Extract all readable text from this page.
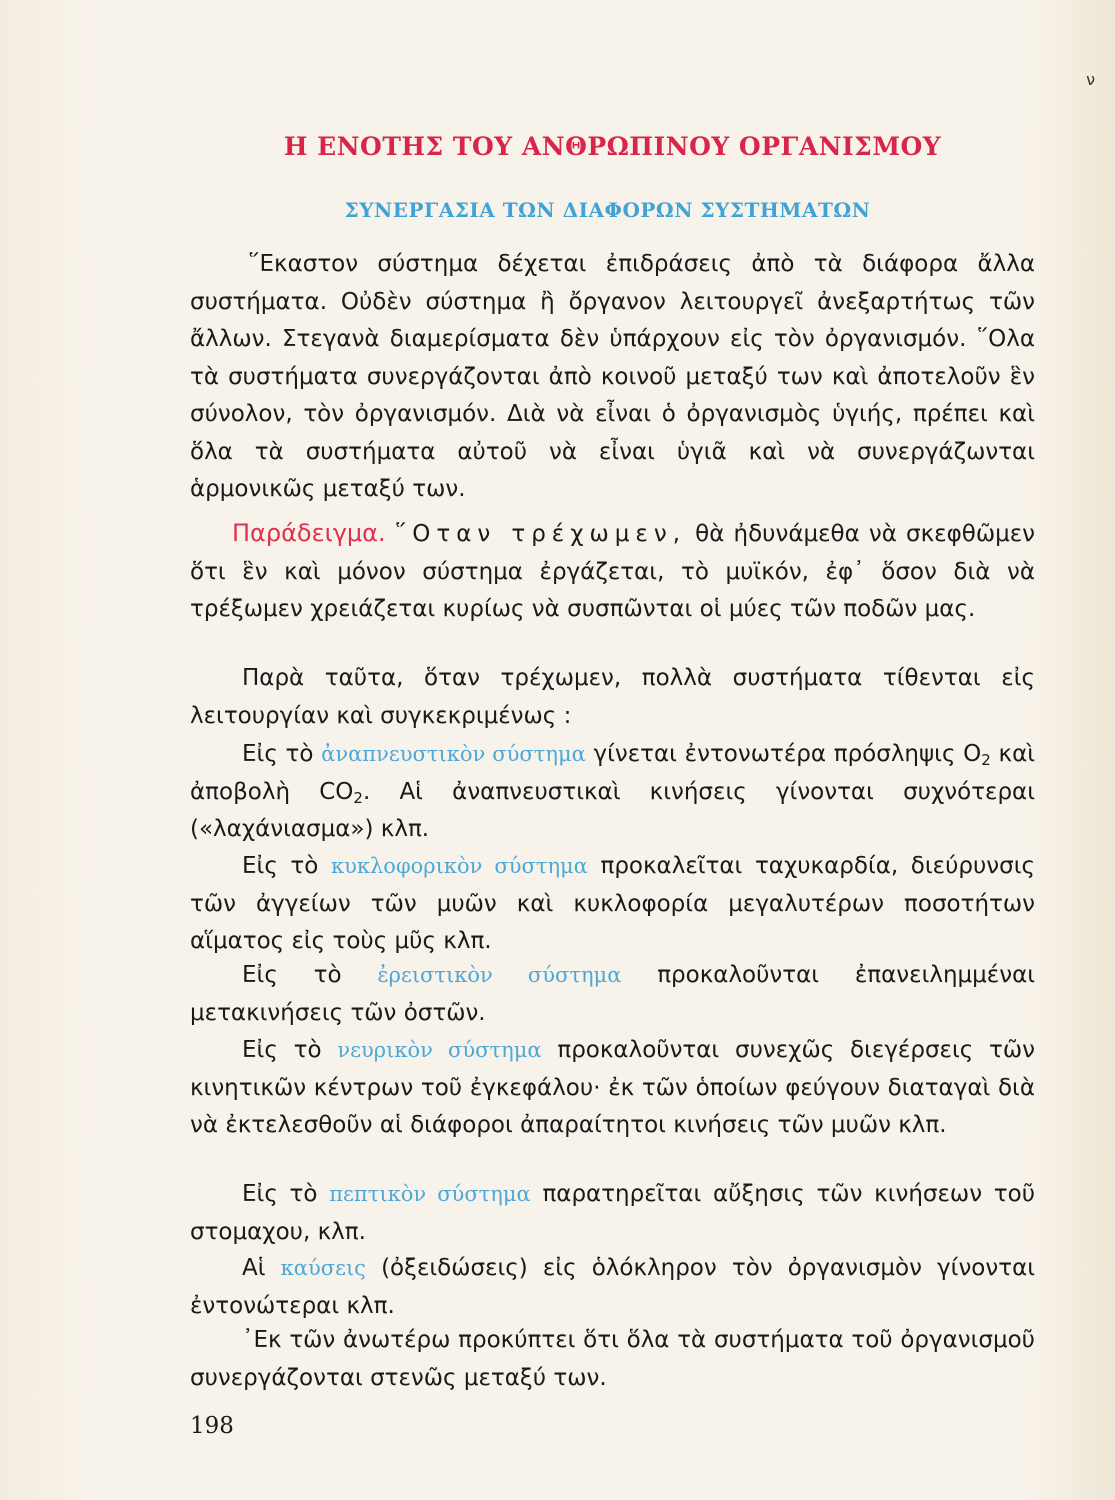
ν
Η ΕΝΟΤΗΣ ΤΟΥ ΑΝΘΡΩΠΙΝΟΥ ΟΡΓΑΝΙΣΜΟΥ
ΣΥΝΕΡΓΑΣΙΑ ΤΩΝ ΔΙΑΦΟΡΩΝ ΣΥΣΤΗΜΑΤΩΝ

῞Εκαστον σύστημα δέχεται ἐπιδράσεις ἀπὸ τὰ διάφορα ἄλλα συστήματα. Οὐδὲν σύστημα ἢ ὄργανον λειτουργεῖ ἀνεξαρτήτως τῶν ἄλλων. Στεγανὰ διαμερίσματα δὲν ὑπάρχουν εἰς τὸν ὀργανισμόν. ῞Ολα τὰ συστήματα συνεργάζονται ἀπὸ κοινοῦ μεταξύ των καὶ ἀποτελοῦν ἓν σύνολον, τὸν ὀργανισμόν. Διὰ νὰ εἶναι ὁ ὀργανισμὸς ὑγιής, πρέπει καὶ ὅλα τὰ συστήματα αὐτοῦ νὰ εἶναι ὑγιᾶ καὶ νὰ συνεργάζωνται ἁρμονικῶς μεταξύ των.

Παράδειγμα. ῞Οταν τρέχωμεν, θὰ ἠδυνάμεθα νὰ σκεφθῶμεν ὅτι ἓν καὶ μόνον σύστημα ἐργάζεται, τὸ μυϊκόν, ἐφ᾽ ὅσον διὰ νὰ τρέξωμεν χρειάζεται κυρίως νὰ συσπῶνται οἱ μύες τῶν ποδῶν μας.

Παρὰ ταῦτα, ὅταν τρέχωμεν, πολλὰ συστήματα τίθενται εἰς λειτουργίαν καὶ συγκεκριμένως :

Εἰς τὸ ἀναπνευστικὸν σύστημα γίνεται ἐντονωτέρα πρόσληψις $O_2$ καὶ ἀποβολὴ $CO_2$. Αἱ ἀναπνευστικαὶ κινήσεις γίνονται συχνότεραι («λαχάνιασμα») κλπ.

Εἰς τὸ κυκλοφορικὸν σύστημα προκαλεῖται ταχυκαρδία, διεύρυνσις τῶν ἀγγείων τῶν μυῶν καὶ κυκλοφορία μεγαλυτέρων ποσοτήτων αἵματος εἰς τοὺς μῦς κλπ.

Εἰς τὸ ἐρειστικὸν σύστημα προκαλοῦνται ἐπανειλημμέναι μετακινήσεις τῶν ὀστῶν.

Εἰς τὸ νευρικὸν σύστημα προκαλοῦνται συνεχῶς διεγέρσεις τῶν κινητικῶν κέντρων τοῦ ἐγκεφάλου· ἐκ τῶν ὁποίων φεύγουν διαταγαὶ διὰ νὰ ἐκτελεσθοῦν αἱ διάφοροι ἀπαραίτητοι κινήσεις τῶν μυῶν κλπ.

Εἰς τὸ πεπτικὸν σύστημα παρατηρεῖται αὔξησις τῶν κινήσεων τοῦ στομαχου, κλπ.

Αἱ καύσεις (ὀξειδώσεις) εἰς ὁλόκληρον τὸν ὀργανισμὸν γίνονται ἐντονώτεραι κλπ.

᾿Εκ τῶν ἀνωτέρω προκύπτει ὅτι ὅλα τὰ συστήματα τοῦ ὀργανισμοῦ συνεργάζονται στενῶς μεταξύ των.

198
